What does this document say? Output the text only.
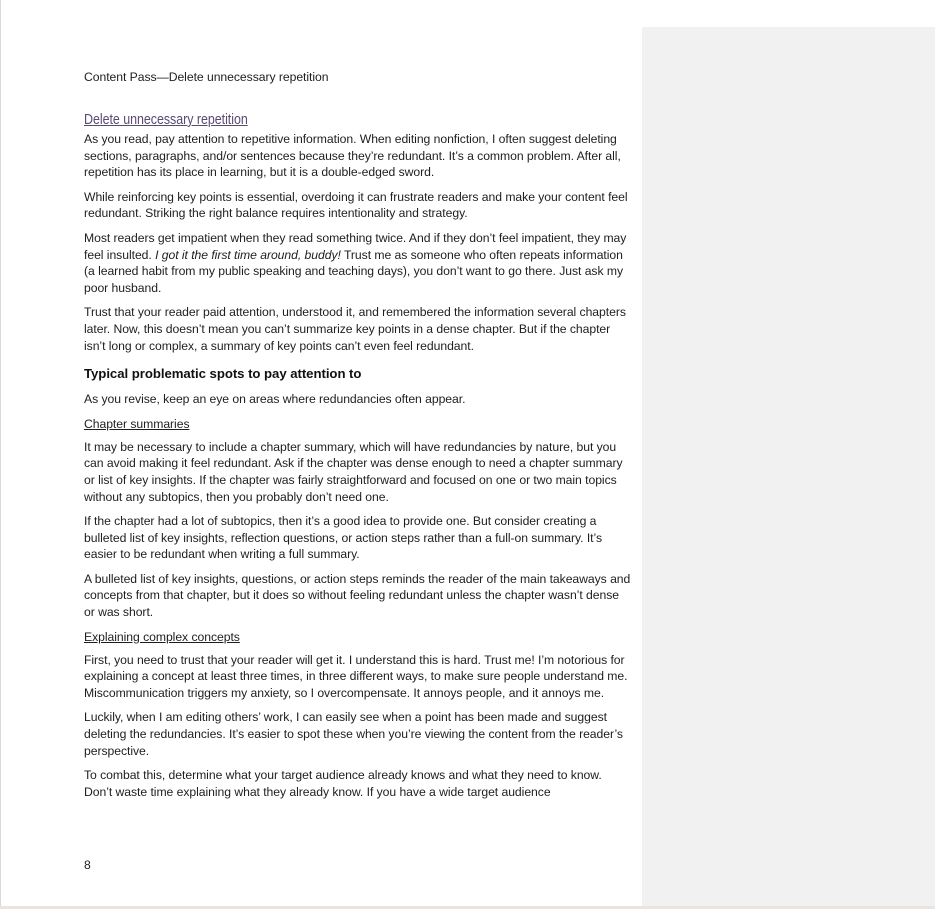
Content Pass—Delete unnecessary repetition

Delete unnecessary repetition

As you read, pay attention to repetitive information. When editing nonfiction, I often suggest deleting sections, paragraphs, and/or sentences because they’re redundant. It’s a common problem. After all, repetition has its place in learning, but it is a double-edged sword.

While reinforcing key points is essential, overdoing it can frustrate readers and make your content feel redundant. Striking the right balance requires intentionality and strategy.

Most readers get impatient when they read something twice. And if they don’t feel impatient, they may feel insulted. I got it the first time around, buddy! Trust me as someone who often repeats information (a learned habit from my public speaking and teaching days), you don’t want to go there. Just ask my poor husband.

Trust that your reader paid attention, understood it, and remembered the information several chapters later. Now, this doesn’t mean you can’t summarize key points in a dense chapter. But if the chapter isn’t long or complex, a summary of key points can’t even feel redundant.

Typical problematic spots to pay attention to

As you revise, keep an eye on areas where redundancies often appear.

Chapter summaries

It may be necessary to include a chapter summary, which will have redundancies by nature, but you can avoid making it feel redundant. Ask if the chapter was dense enough to need a chapter summary or list of key insights. If the chapter was fairly straightforward and focused on one or two main topics without any subtopics, then you probably don’t need one.

If the chapter had a lot of subtopics, then it’s a good idea to provide one. But consider creating a bulleted list of key insights, reflection questions, or action steps rather than a full-on summary. It’s easier to be redundant when writing a full summary.

A bulleted list of key insights, questions, or action steps reminds the reader of the main takeaways and concepts from that chapter, but it does so without feeling redundant unless the chapter wasn’t dense or was short.

Explaining complex concepts

First, you need to trust that your reader will get it. I understand this is hard. Trust me! I’m notorious for explaining a concept at least three times, in three different ways, to make sure people understand me. Miscommunication triggers my anxiety, so I overcompensate. It annoys people, and it annoys me.

Luckily, when I am editing others’ work, I can easily see when a point has been made and suggest deleting the redundancies. It’s easier to spot these when you’re viewing the content from the reader’s perspective.

To combat this, determine what your target audience already knows and what they need to know. Don’t waste time explaining what they already know. If you have a wide target audience

8
